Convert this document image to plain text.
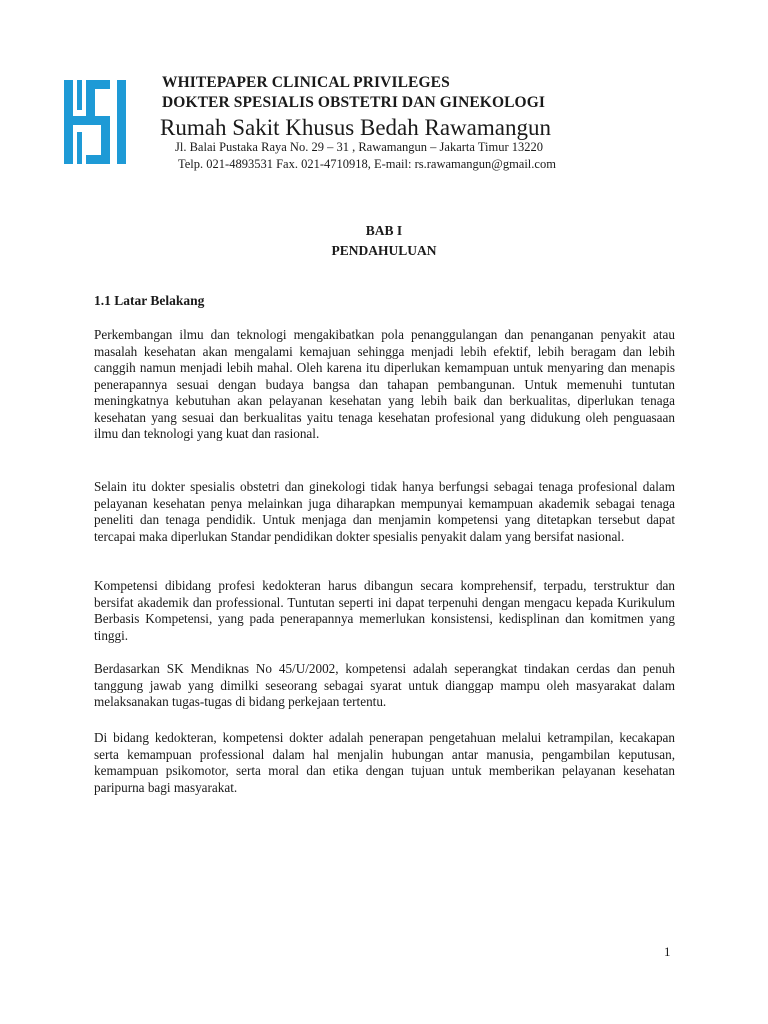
WHITEPAPER CLINICAL PRIVILEGES
DOKTER SPESIALIS OBSTETRI DAN GINEKOLOGI
Rumah Sakit Khusus Bedah Rawamangun
Jl. Balai Pustaka Raya No. 29 – 31 , Rawamangun – Jakarta Timur 13220
Telp. 021-4893531 Fax. 021-4710918, E-mail: rs.rawamangun@gmail.com
BAB I
PENDAHULUAN
1.1 Latar Belakang

Perkembangan ilmu dan teknologi mengakibatkan pola penanggulangan dan penanganan penyakit atau masalah kesehatan akan mengalami kemajuan sehingga menjadi lebih efektif, lebih beragam dan lebih canggih namun menjadi lebih mahal. Oleh karena itu diperlukan kemampuan untuk menyaring dan menapis penerapannya sesuai dengan budaya bangsa dan tahapan pembangunan. Untuk memenuhi tuntutan meningkatnya kebutuhan akan pelayanan kesehatan yang lebih baik dan berkualitas, diperlukan tenaga kesehatan yang sesuai dan berkualitas yaitu tenaga kesehatan profesional yang didukung oleh penguasaan ilmu dan teknologi yang kuat dan rasional.

Selain itu dokter spesialis obstetri dan ginekologi tidak hanya berfungsi sebagai tenaga profesional dalam pelayanan kesehatan penya melainkan juga diharapkan mempunyai kemampuan akademik sebagai tenaga peneliti dan tenaga pendidik. Untuk menjaga dan menjamin kompetensi yang ditetapkan tersebut dapat tercapai maka diperlukan Standar pendidikan dokter spesialis penyakit dalam yang bersifat nasional.

Kompetensi dibidang profesi kedokteran harus dibangun secara komprehensif, terpadu, terstruktur dan bersifat akademik dan professional. Tuntutan seperti ini dapat terpenuhi dengan mengacu kepada Kurikulum Berbasis Kompetensi, yang pada penerapannya memerlukan konsistensi, kedisplinan dan komitmen yang tinggi.

Berdasarkan SK Mendiknas No 45/U/2002, kompetensi adalah seperangkat tindakan cerdas dan penuh tanggung jawab yang dimilki seseorang sebagai syarat untuk dianggap mampu oleh masyarakat dalam melaksanakan tugas-tugas di bidang perkejaan tertentu.

Di bidang kedokteran, kompetensi dokter adalah penerapan pengetahuan melalui ketrampilan, kecakapan serta kemampuan professional dalam hal menjalin hubungan antar manusia, pengambilan keputusan, kemampuan psikomotor, serta moral dan etika dengan tujuan untuk memberikan pelayanan kesehatan paripurna bagi masyarakat.

1
